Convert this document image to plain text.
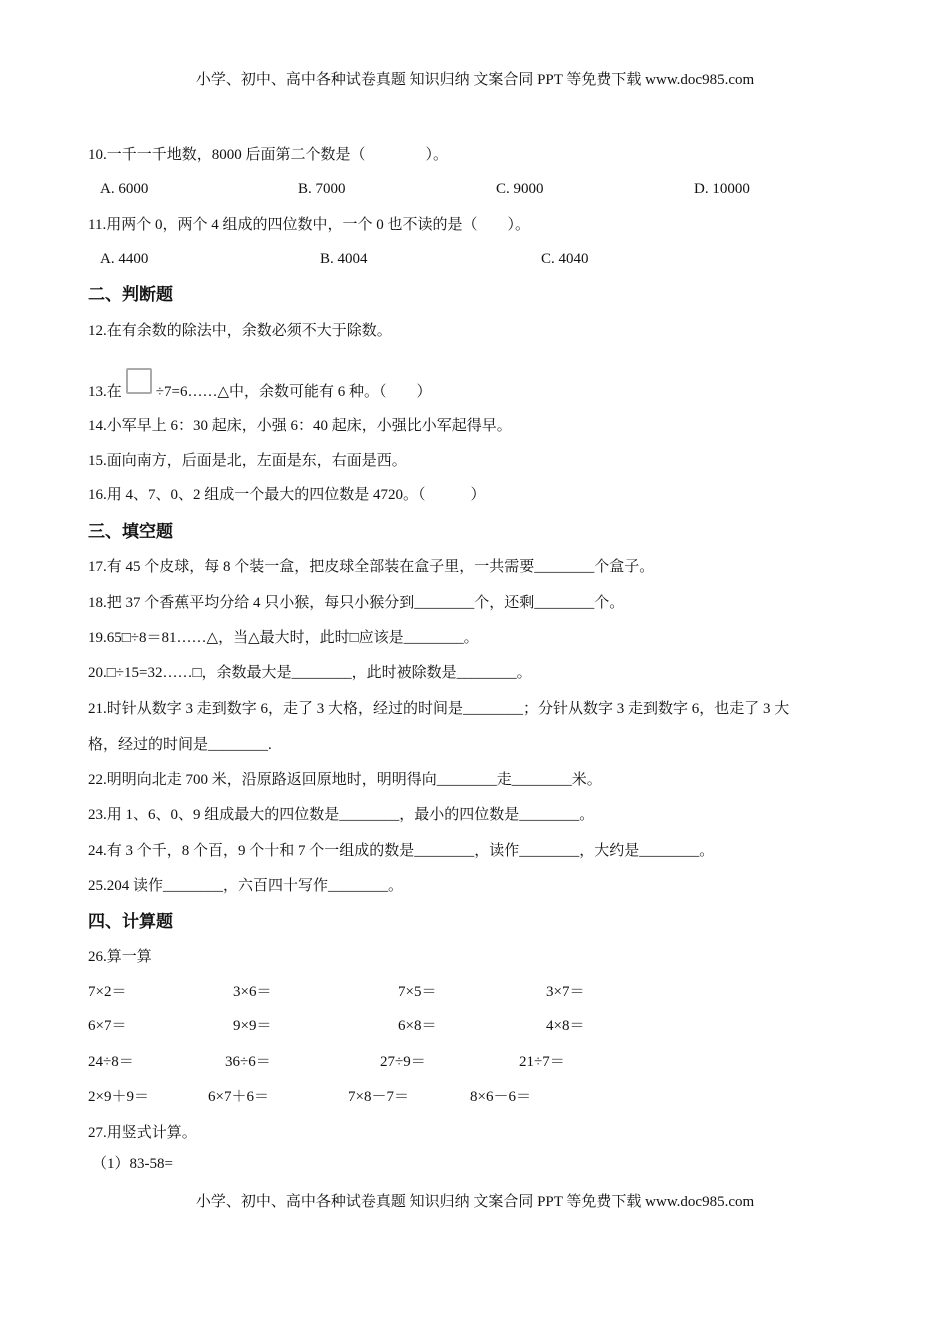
小学、初中、高中各种试卷真题 知识归纳 文案合同 PPT 等免费下载 www.doc985.com
10.一千一千地数，8000 后面第二个数是（　　　　）。
A. 6000	B. 7000	C. 9000	D. 10000
11.用两个 0，两个 4 组成的四位数中，一个 0 也不读的是（　　）。
A. 4400	B. 4004	C. 4040
二、判断题
12.在有余数的除法中，余数必须不大于除数。
13.在 ÷7=6……△中，余数可能有 6 种。（　　）
14.小军早上 6：30 起床，小强 6：40 起床，小强比小军起得早。
15.面向南方，后面是北，左面是东，右面是西。
16.用 4、7、0、2 组成一个最大的四位数是 4720。（　　　）
三、填空题
17.有 45 个皮球，每 8 个装一盒，把皮球全部装在盒子里，一共需要________个盒子。
18.把 37 个香蕉平均分给 4 只小猴，每只小猴分到________个，还剩________个。
19.65□÷8＝81……△，当△最大时，此时□应该是________。
20.□÷15=32……□，余数最大是________，此时被除数是________。
21.时针从数字 3 走到数字 6，走了 3 大格，经过的时间是________；分针从数字 3 走到数字 6，也走了 3 大
格，经过的时间是________.
22.明明向北走 700 米，沿原路返回原地时，明明得向________走________米。
23.用 1、6、0、9 组成最大的四位数是________，最小的四位数是________。
24.有 3 个千，8 个百，9 个十和 7 个一组成的数是________，读作________，大约是________。
25.204 读作________，六百四十写作________。
四、计算题
26.算一算
7×2＝	3×6＝	7×5＝	3×7＝
6×7＝	9×9＝	6×8＝	4×8＝
24÷8＝	36÷6＝	27÷9＝	21÷7＝
2×9＋9＝	6×7＋6＝	7×8－7＝	8×6－6＝
27.用竖式计算。
（1）83-58=
小学、初中、高中各种试卷真题 知识归纳 文案合同 PPT 等免费下载 www.doc985.com
